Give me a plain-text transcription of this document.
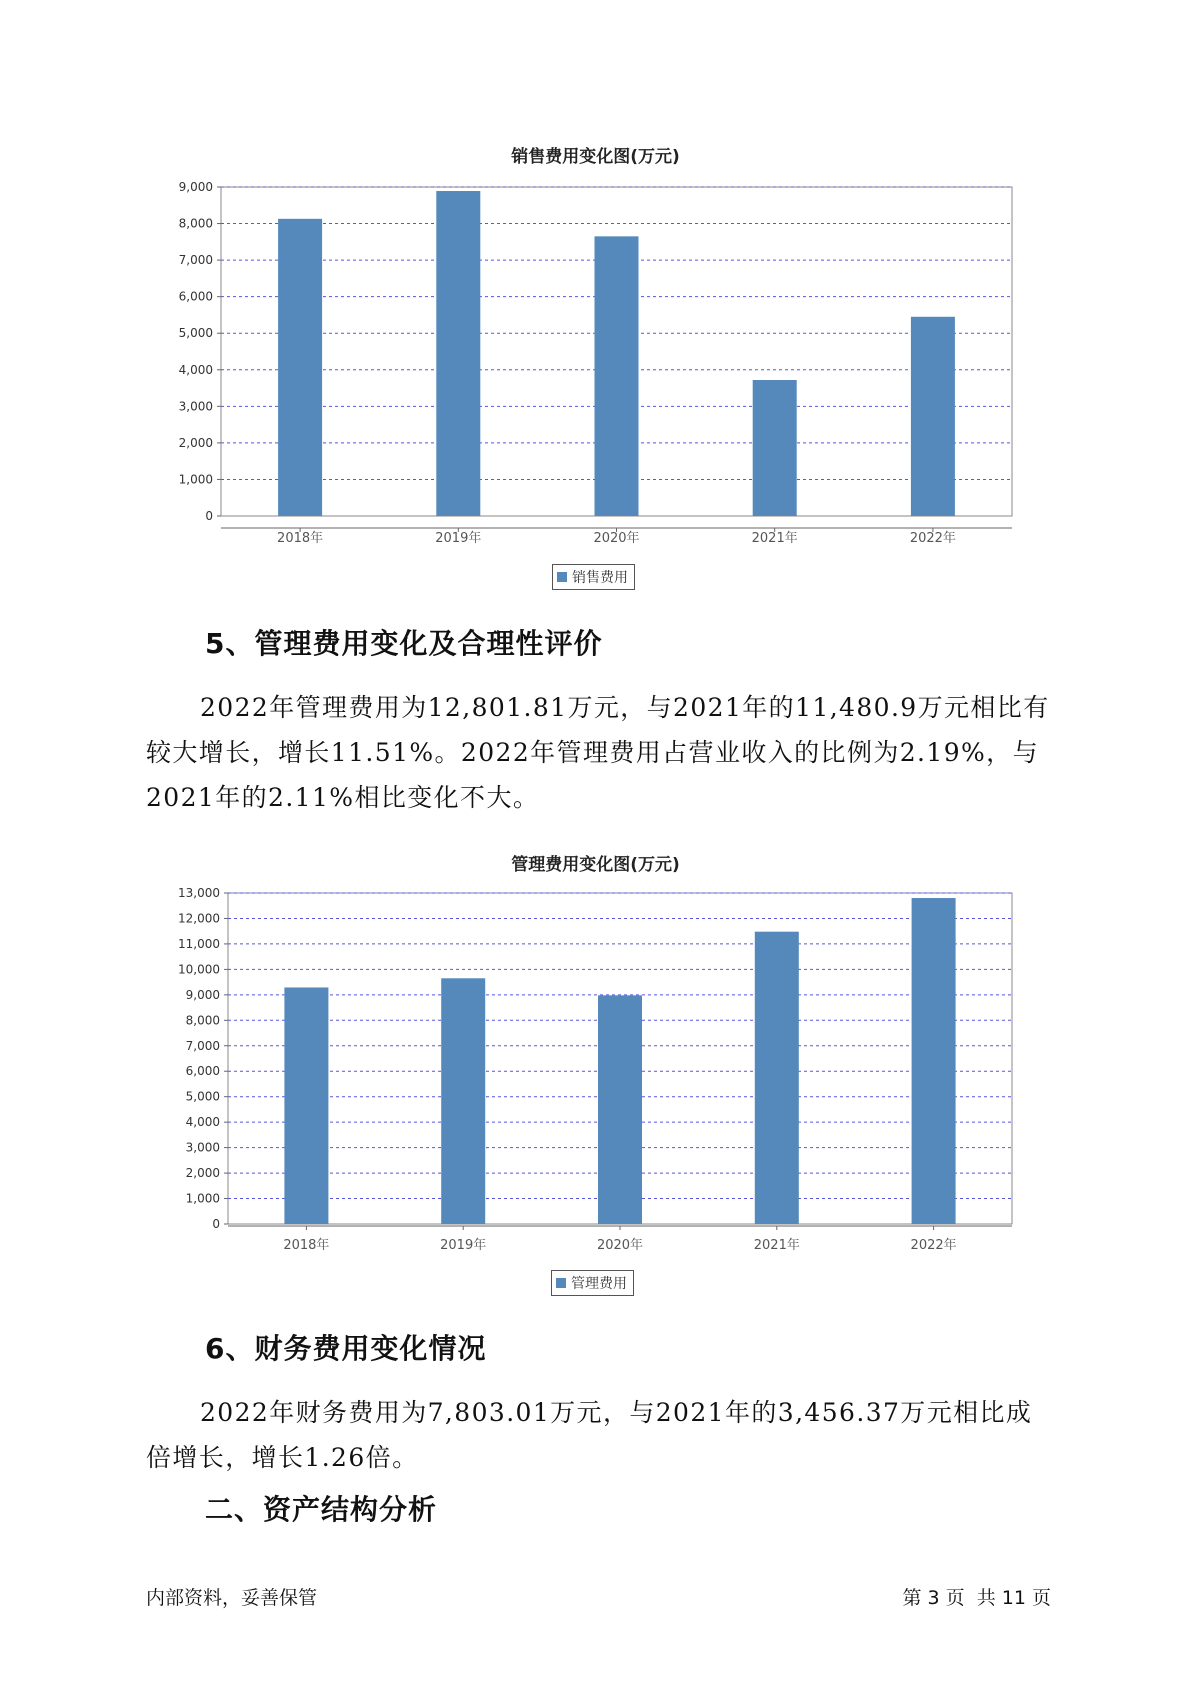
销售费用变化图(万元)
0
1,000
2,000
3,000
4,000
5,000
6,000
7,000
8,000
9,000
2018年	2019年	2020年	2021年	2022年
销售费用
5、管理费用变化及合理性评价

2022年管理费用为12,801.81万元，与2021年的11,480.9万元相比有较大增长，增长11.51%。2022年管理费用占营业收入的比例为2.19%，与2021年的2.11%相比变化不大。

管理费用变化图(万元)
0
1,000
2,000
3,000
4,000
5,000
6,000
7,000
8,000
9,000
10,000
11,000
12,000
13,000
2018年	2019年	2020年	2021年	2022年
管理费用
6、财务费用变化情况

2022年财务费用为7,803.01万元，与2021年的3,456.37万元相比成倍增长，增长1.26倍。

二、资产结构分析
内部资料，妥善保管	第 3 页  共 11 页
